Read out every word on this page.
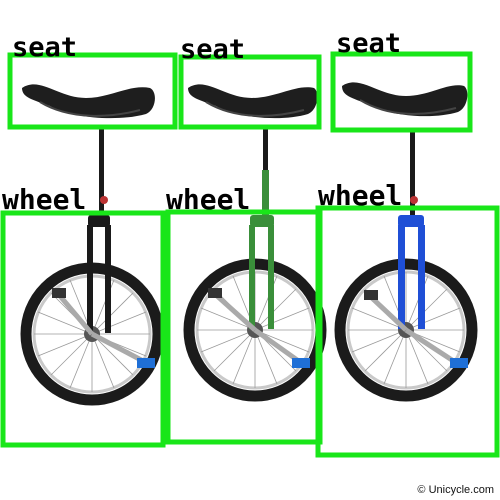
seat	seat	seat
wheel	wheel wheel
© Unicycle.com
